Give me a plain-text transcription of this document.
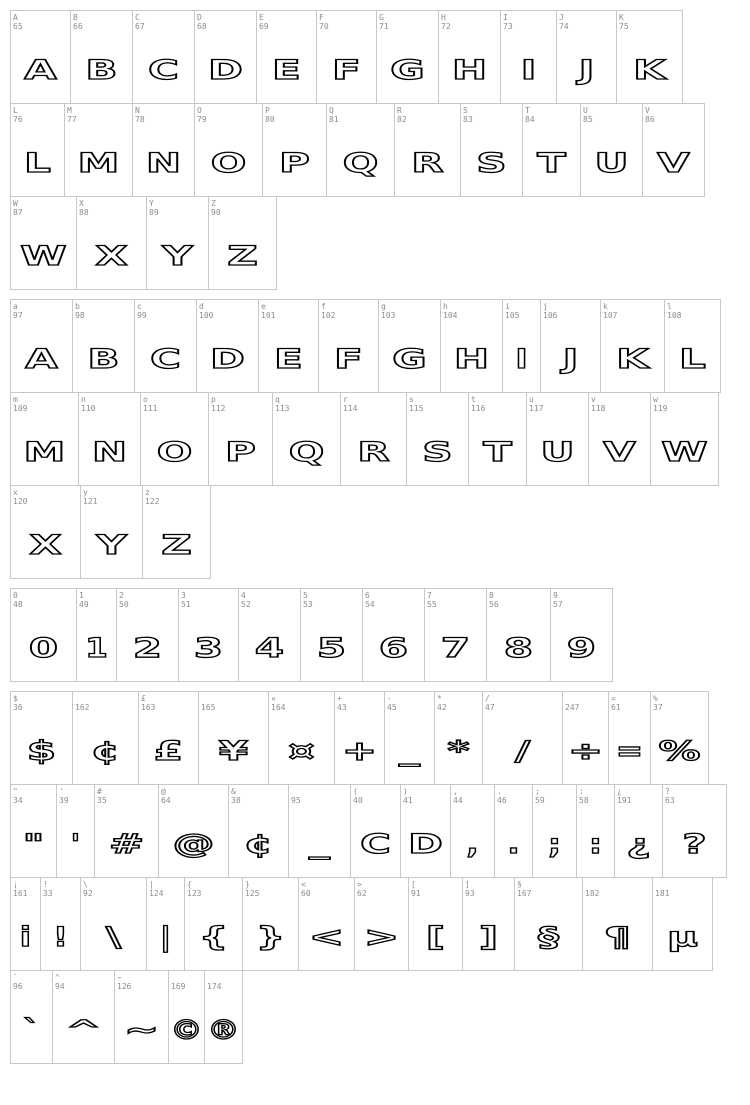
A
65
A
B
66
B
C
67
C
D
68
D
E
69
E
F
70
F
G
71
G
H
72
H
I
73
I
J
74
J
K
75
K
L
76
L
M
77
M
N
78
N
O
79
O
P
80
P
Q
81
Q
R
82
R
S
83
S
T
84
T
U
85
U
V
86
V
W
87
W
X
88
X
Y
89
Y
Z
90
Z
a
97
A
b
98
B
c
99
C
d
100
D
e
101
E
f
102
F
g
103
G
h
104
H
i
105
I
j
106
J
k
107
K
l
108
L
m
109
M
n
110
N
o
111
O
p
112
P
q
113
Q
r
114
R
s
115
S
t
116
T
u
117
U
v
118
V
w
119
W
x
120
X
y
121
Y
z
122
Z
0
48
0
1
49
1
2
50
2
3
51
3
4
52
4
5
53
5
6
54
6
7
55
7
8
56
8
9
57
9
$
36
$

162
¢
£
163
£

165
¥
¤
164
¤
+
43
+
-
45
_
*
42
*
/
47
/

247
÷
=
61
=
%
37
%
"
34
"
'
39
'
#
35
#
@
64
@
&
38
¢

95
_
(
40
C
)
41
D
,
44
,
.
46
.
;
59
;
:
58
:
¿
191
¿
?
63
?
¡
161
i
!
33
!
\
92
\
|
124
|
{
123
{
}
125
}
<
60
<
>
62
>
[
91
[
]
93
]
§
167
§

182
¶

181
µ
`
96
`
^
94
^
~
126
~

169
©

174
®
